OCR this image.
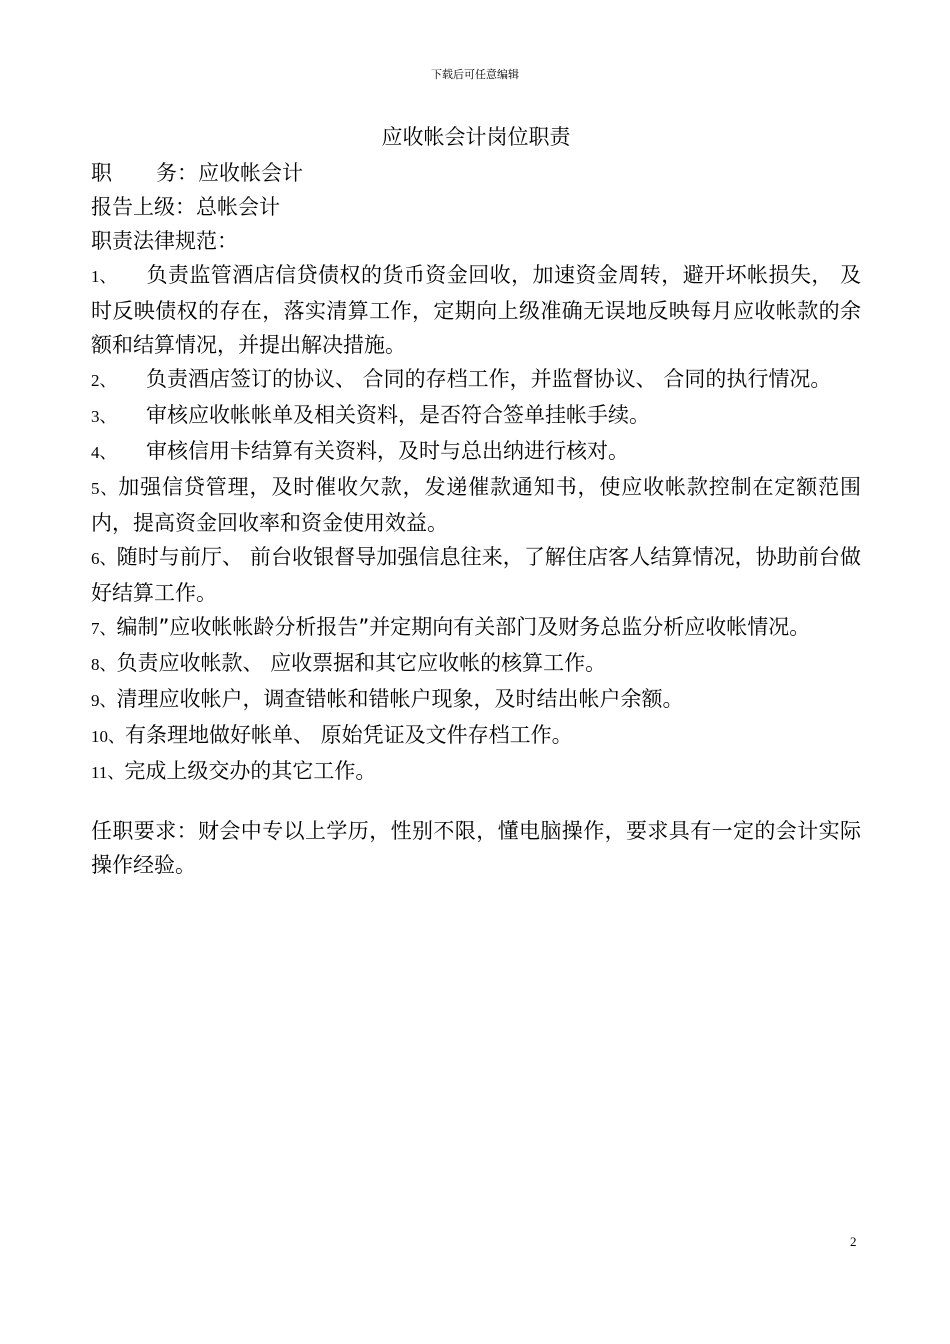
下载后可任意编辑
应收帐会计岗位职责

职 务：应收帐会计

报告上级：总帐会计

职责法律规范：

1、 负责监管酒店信贷债权的货币资金回收，加速资金周转，避开坏帐损失， 及时反映债权的存在，落实清算工作，定期向上级准确无误地反映每月应收帐款的余额和结算情况，并提出解决措施。

2、 负责酒店签订的协议、 合同的存档工作，并监督协议、 合同的执行情况。

3、 审核应收帐帐单及相关资料，是否符合签单挂帐手续。

4、 审核信用卡结算有关资料，及时与总出纳进行核对。

5、加强信贷管理，及时催收欠款，发递催款通知书，使应收帐款控制在定额范围内，提高资金回收率和资金使用效益。

6、随时与前厅、 前台收银督导加强信息往来，了解住店客人结算情况，协助前台做好结算工作。

7、编制”应收帐帐龄分析报告”并定期向有关部门及财务总监分析应收帐情况。

8、负责应收帐款、 应收票据和其它应收帐的核算工作。

9、清理应收帐户，调查错帐和错帐户现象，及时结出帐户余额。

10、有条理地做好帐单、 原始凭证及文件存档工作。

11、完成上级交办的其它工作。

任职要求：财会中专以上学历，性别不限，懂电脑操作，要求具有一定的会计实际操作经验。

2
